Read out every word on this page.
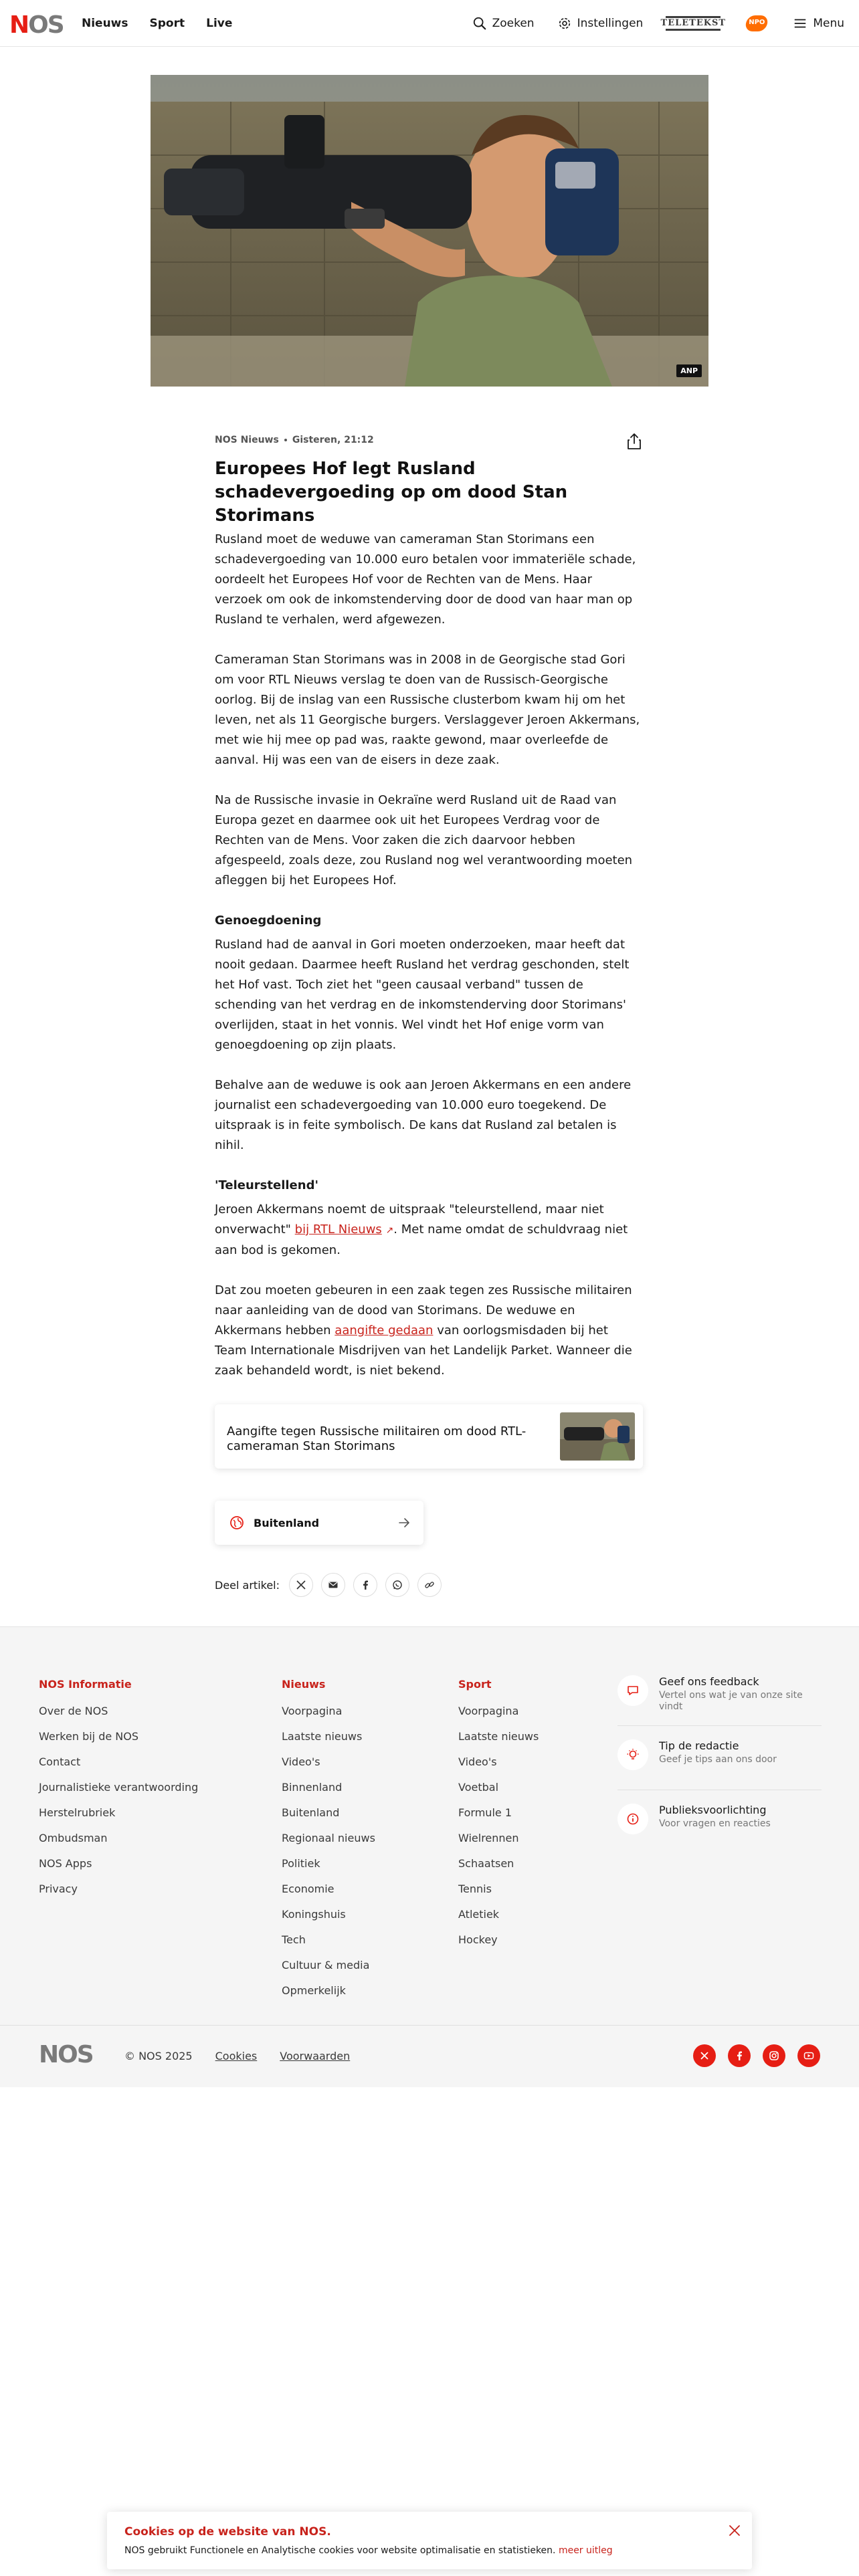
NOS Nieuws Sport Live	Zoeken	Instellingen TELETEKST	NPO	Menu
ANP
NOS Nieuws Gisteren, 21:12
Europees Hof legt Rusland schadevergoeding op om dood Stan Storimans

Rusland moet de weduwe van cameraman Stan Storimans een schadevergoeding van 10.000 euro betalen voor immateriële schade, oordeelt het Europees Hof voor de Rechten van de Mens. Haar verzoek om ook de inkomstenderving door de dood van haar man op Rusland te verhalen, werd afgewezen.

Cameraman Stan Storimans was in 2008 in de Georgische stad Gori om voor RTL Nieuws verslag te doen van de Russisch-Georgische oorlog. Bij de inslag van een Russische clusterbom kwam hij om het leven, net als 11 Georgische burgers. Verslaggever Jeroen Akkermans, met wie hij mee op pad was, raakte gewond, maar overleefde de aanval. Hij was een van de eisers in deze zaak.

Na de Russische invasie in Oekraïne werd Rusland uit de Raad van Europa gezet en daarmee ook uit het Europees Verdrag voor de Rechten van de Mens. Voor zaken die zich daarvoor hebben afgespeeld, zoals deze, zou Rusland nog wel verantwoording moeten afleggen bij het Europees Hof.

Genoegdoening

Rusland had de aanval in Gori moeten onderzoeken, maar heeft dat nooit gedaan. Daarmee heeft Rusland het verdrag geschonden, stelt het Hof vast. Toch ziet het "geen causaal verband" tussen de schending van het verdrag en de inkomstenderving door Storimans' overlijden, staat in het vonnis. Wel vindt het Hof enige vorm van genoegdoening op zijn plaats.

Behalve aan de weduwe is ook aan Jeroen Akkermans en een andere journalist een schadevergoeding van 10.000 euro toegekend. De uitspraak is in feite symbolisch. De kans dat Rusland zal betalen is nihil.

'Teleurstellend'

Jeroen Akkermans noemt de uitspraak "teleurstellend, maar niet onverwacht" bij RTL Nieuws ↗. Met name omdat de schuldvraag niet aan bod is gekomen.

Dat zou moeten gebeuren in een zaak tegen zes Russische militairen naar aanleiding van de dood van Storimans. De weduwe en Akkermans hebben aangifte gedaan van oorlogsmisdaden bij het Team Internationale Misdrijven van het Landelijk Parket. Wanneer die zaak behandeld wordt, is niet bekend.

Aangifte tegen Russische militairen om dood RTL-cameraman Stan Storimans
Buitenland
Deel artikel:
NOS Informatie
Over de NOS
Werken bij de NOS
Contact
Journalistieke verantwoording
Herstelrubriek
Ombudsman
NOS Apps
Privacy
Nieuws
Voorpagina
Laatste nieuws
Video's
Binnenland
Buitenland
Regionaal nieuws
Politiek
Economie
Koningshuis
Tech
Cultuur & media
Opmerkelijk
Sport
Voorpagina
Laatste nieuws
Video's
Voetbal
Formule 1
Wielrennen
Schaatsen
Tennis
Atletiek
Hockey
Geef ons feedback
Vertel ons wat je van onze site vindt
Tip de redactie
Geef je tips aan ons door
Publieksvoorlichting
Voor vragen en reacties
NOS	© NOS 2025 Cookies Voorwaarden
Cookies op de website van NOS.
NOS gebruikt Functionele en Analytische cookies voor website optimalisatie en statistieken. meer uitleg
